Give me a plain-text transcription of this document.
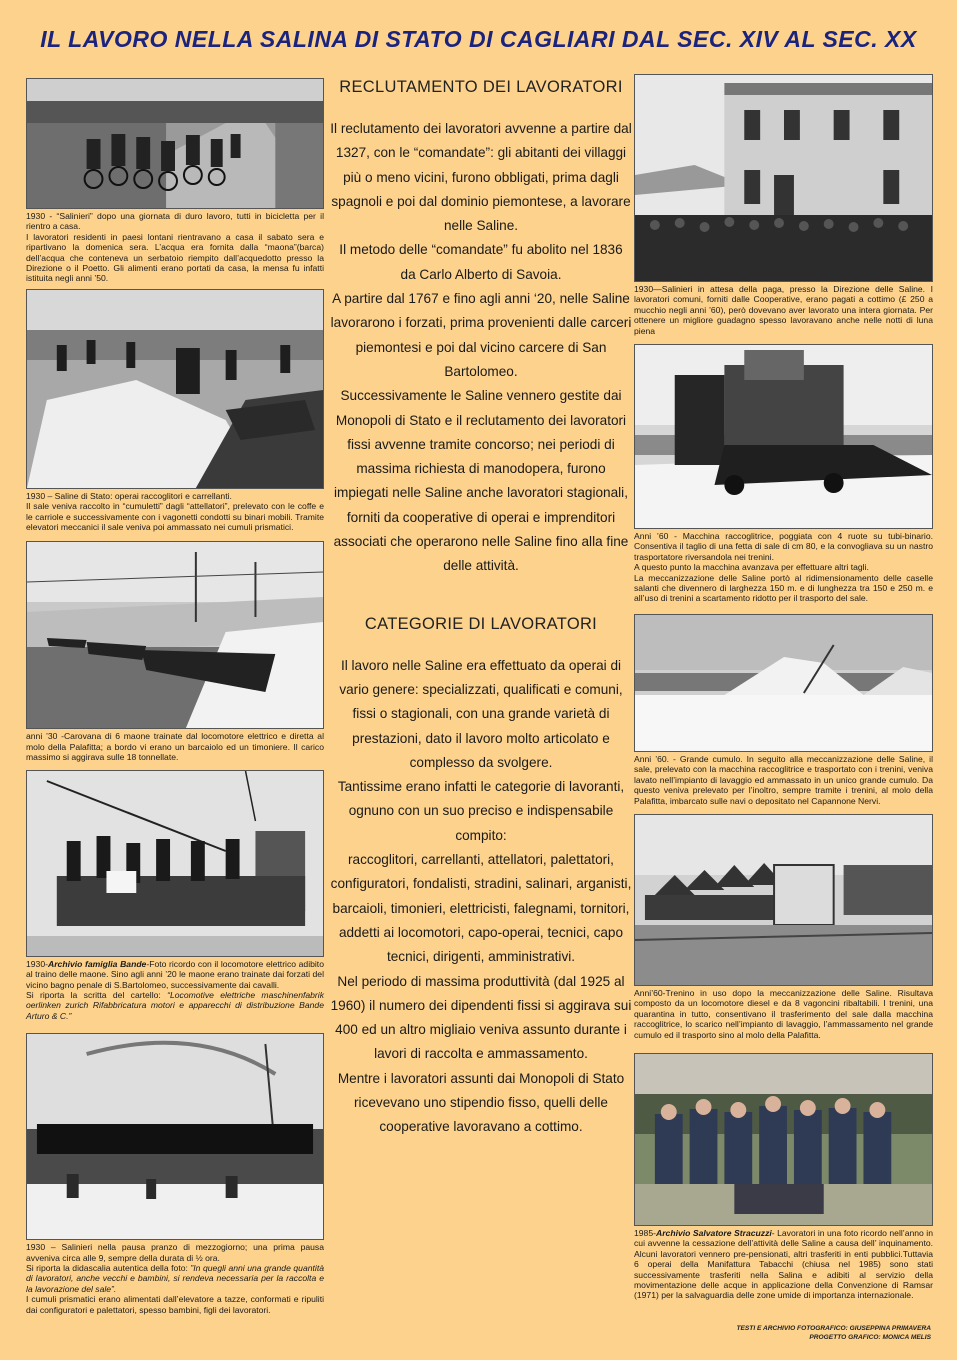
IL LAVORO NELLA SALINA DI STATO DI CAGLIARI DAL SEC. XIV AL SEC. XX

1930 - “Salinieri” dopo una giornata di duro lavoro, tutti in bicicletta per il rientro a casa.

I lavoratori residenti in paesi lontani rientravano a casa il sabato sera e ripartivano la domenica sera. L’acqua era fornita dalla “maona”(barca) dell’acqua che conteneva un serbatoio riempito dall’acquedotto presso la Direzione o il Poetto. Gli alimenti erano portati da casa, la mensa fu infatti istituita negli anni ’50.

1930 – Saline di Stato: operai raccoglitori e carrellanti.

Il sale veniva raccolto in “cumuletti” dagli “attellatori”, prelevato con le coffe e le carriole e successivamente con i vagonetti condotti su binari mobili. Tramite elevatori meccanici il sale veniva poi ammassato nei cumuli prismatici.

anni ’30 -Carovana di 6 maone trainate dal locomotore elettrico e diretta al molo della Palafitta; a bordo vi erano un barcaiolo ed un timoniere. Il carico massimo si aggirava sulle 18 tonnellate.

1930-Archivio famiglia Bande-Foto ricordo con il locomotore elettrico adibito al traino delle maone. Sino agli anni ’20 le maone erano trainate dai forzati del vicino bagno penale di S.Bartolomeo, successivamente dai cavalli.

Si riporta la scritta del cartello: “Locomotive elettriche maschinenfabrik oerlinken zurich Rifabbricatura motori e apparecchi di distribuzione Bande Arturo & C.”

1930 – Salinieri nella pausa pranzo di mezzogiorno; una prima pausa avveniva circa alle 9, sempre della durata di ½ ora.

Si riporta la didascalia autentica della foto: ”In quegli anni una grande quantità di lavoratori, anche vecchi e bambini, si rendeva necessaria per la raccolta e la lavorazione del sale”.

I cumuli prismatici erano alimentati dall’elevatore a tazze, conformati e ripuliti dai configuratori e palettatori, spesso bambini, figli dei lavoratori.

RECLUTAMENTO DEI LAVORATORI

Il reclutamento dei lavoratori avvenne a partire dal 1327, con le “comandate”: gli abitanti dei villaggi più o meno vicini, furono obbligati, prima dagli spagnoli e poi dal dominio piemontese, a lavorare nelle Saline.

Il metodo delle “comandate” fu abolito nel 1836 da Carlo Alberto di Savoia.

A partire dal 1767 e fino agli anni ‘20, nelle Saline lavorarono i forzati, prima provenienti dalle carceri piemontesi e poi dal vicino carcere di San Bartolomeo.

Successivamente le Saline vennero gestite dai Monopoli di Stato e il reclutamento dei lavoratori fissi avvenne tramite concorso; nei periodi di massima richiesta di manodopera, furono impiegati nelle Saline anche lavoratori stagionali, forniti da cooperative di operai e imprenditori associati che operarono nelle Saline fino alla fine delle attività.

CATEGORIE DI LAVORATORI

Il lavoro nelle Saline era effettuato da operai di vario genere: specializzati, qualificati e comuni, fissi o stagionali, con una grande varietà di prestazioni, dato il lavoro molto articolato e complesso da svolgere.

Tantissime erano infatti le categorie di lavoranti, ognuno con un suo preciso e indispensabile compito:

raccoglitori, carrellanti, attellatori, palettatori, configuratori, fondalisti, stradini, salinari, arganisti, barcaioli, timonieri, elettricisti, falegnami, tornitori, addetti ai locomotori, capo-operai, tecnici, capo tecnici, dirigenti, amministrativi.

Nel periodo di massima produttività (dal 1925 al 1960) il numero dei dipendenti fissi si aggirava sui 400 ed un altro migliaio veniva assunto durante i lavori di raccolta e ammassamento.

Mentre i lavoratori assunti dai Monopoli di Stato ricevevano uno stipendio fisso, quelli delle cooperative lavoravano a cottimo.

1930—Salinieri in attesa della paga, presso la Direzione delle Saline. I lavoratori comuni, forniti dalle Cooperative, erano pagati a cottimo (£ 250 a mucchio negli anni ’60), però dovevano aver lavorato una intera giornata. Per ottenere un migliore guadagno spesso lavoravano anche nelle notti di luna piena

Anni ’60 - Macchina raccoglitrice, poggiata con 4 ruote su tubi-binario. Consentiva il taglio di una fetta di sale di cm 80, e la convogliava su un nastro trasportatore riversandola nei trenini.

A questo punto la macchina avanzava per effettuare altri tagli.

La meccanizzazione delle Saline portò al ridimensionamento delle caselle salanti che divennero di larghezza 150 m. e di lunghezza tra 150 e 250 m. e all’uso di trenini a scartamento ridotto per il trasporto del sale.

Anni ’60. - Grande cumulo. In seguito alla meccanizzazione delle Saline, il sale, prelevato con la macchina raccoglitrice e trasportato con i trenini, veniva lavato nell’impianto di lavaggio ed ammassato in un unico grande cumulo. Da questo veniva prelevato per l’inoltro, sempre tramite i trenini, al molo della Palafitta, imbarcato sulle navi o depositato nel Capannone Nervi.

Anni’60-Trenino in uso dopo la meccanizzazione delle Saline. Risultava composto da un locomotore diesel e da 8 vagoncini ribaltabili. I trenini, una quarantina in tutto, consentivano il trasferimento del sale dalla macchina raccoglitrice, lo scarico nell’impianto di lavaggio, l’ammassamento nel grande cumulo ed il trasporto sino al molo della Palafitta.

1985-Archivio Salvatore Stracuzzi- Lavoratori in una foto ricordo nell’anno in cui avvenne la cessazione dell’attività delle Saline a causa dell’ inquinamento. Alcuni lavoratori vennero pre-pensionati, altri trasferiti in enti pubblici.Tuttavia 6 operai della Manifattura Tabacchi (chiusa nel 1985) sono stati successivamente trasferiti nella Salina e adibiti al servizio della movimentazione delle acque in applicazione della Convenzione di Ramsar (1971) per la salvaguardia delle zone umide di importanza internazionale.

TESTI E ARCHIVIO FOTOGRAFICO: GIUSEPPINA PRIMAVERA
PROGETTO GRAFICO: MONICA MELIS
